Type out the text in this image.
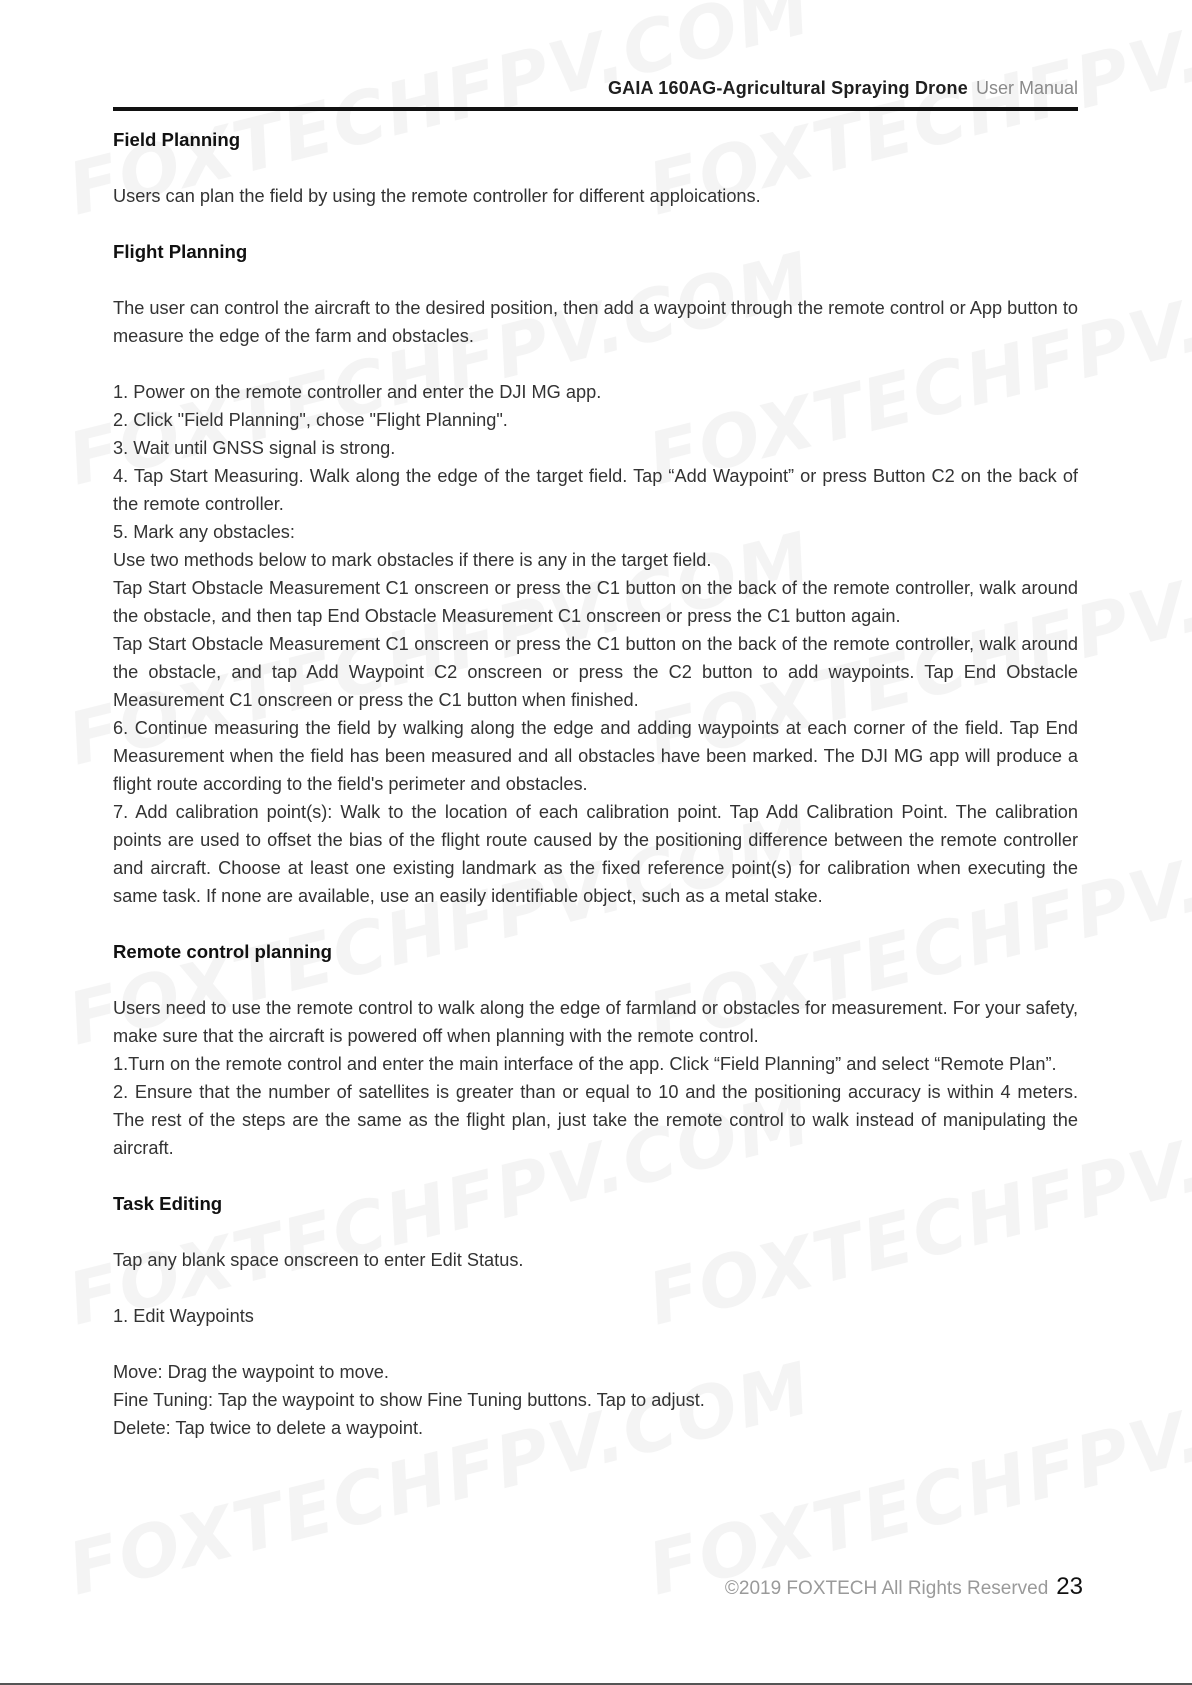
GAIA 160AG-Agricultural Spraying Drone User Manual
Field Planning

Users can plan the field by using the remote controller for different apploications.

Flight Planning

The user can control the aircraft to the desired position, then add a waypoint through the remote control or App button to measure the edge of the farm and obstacles.

1. Power on the remote controller and enter the DJI MG app.

2. Click "Field Planning", chose "Flight Planning".

3. Wait until GNSS signal is strong.

4. Tap Start Measuring. Walk along the edge of the target field. Tap “Add Waypoint” or press Button C2 on the back of the remote controller.

5. Mark any obstacles:

Use two methods below to mark obstacles if there is any in the target field.

Tap Start Obstacle Measurement C1 onscreen or press the C1 button on the back of the remote controller, walk around the obstacle, and then tap End Obstacle Measurement C1 onscreen or press the C1 button again.

Tap Start Obstacle Measurement C1 onscreen or press the C1 button on the back of the remote controller, walk around the obstacle, and tap Add Waypoint C2 onscreen or press the C2 button to add waypoints. Tap End Obstacle Measurement C1 onscreen or press the C1 button when finished.

6. Continue measuring the field by walking along the edge and adding waypoints at each corner of the field. Tap End Measurement when the field has been measured and all obstacles have been marked. The DJI MG app will produce a flight route according to the field's perimeter and obstacles.

7. Add calibration point(s): Walk to the location of each calibration point. Tap Add Calibration Point. The calibration points are used to offset the bias of the flight route caused by the positioning difference between the remote controller and aircraft. Choose at least one existing landmark as the fixed reference point(s) for calibration when executing the same task. If none are available, use an easily identifiable object, such as a metal stake.

Remote control planning

Users need to use the remote control to walk along the edge of farmland or obstacles for measurement. For your safety, make sure that the aircraft is powered off when planning with the remote control.

1.Turn on the remote control and enter the main interface of the app. Click “Field Planning” and select “Remote Plan”.

2. Ensure that the number of satellites is greater than or equal to 10 and the positioning accuracy is within 4 meters. The rest of the steps are the same as the flight plan, just take the remote control to walk instead of manipulating the aircraft.

Task Editing

Tap any blank space onscreen to enter Edit Status.

1. Edit Waypoints

Move: Drag the waypoint to move.

Fine Tuning: Tap the waypoint to show Fine Tuning buttons. Tap to adjust.

Delete: Tap twice to delete a waypoint.

©2019 FOXTECH All Rights Reserved 23
